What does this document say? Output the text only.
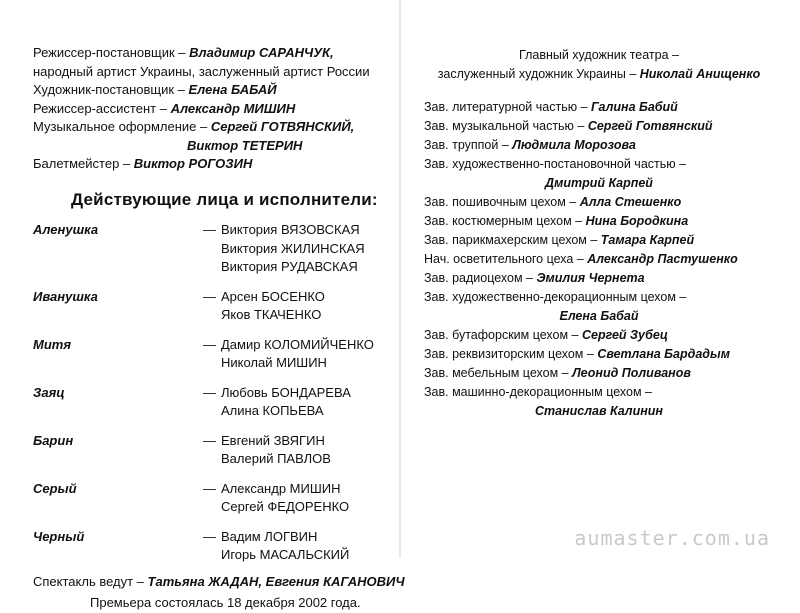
Режиссер-постановщик – Владимир САРАНЧУК,
народный артист Украины, заслуженный артист России
Художник-постановщик – Елена БАБАЙ
Режиссер-ассистент – Александр МИШИН
Музыкальное оформление – Сергей ГОТВЯНСКИЙ,
Виктор ТЕТЕРИН
Балетмейстер – Виктор РОГОЗИН
Действующие лица и исполнители:
Аленушка	— Виктория ВЯЗОВСКАЯ
Виктория ЖИЛИНСКАЯ
Виктория РУДАВСКАЯ
Иванушка	— Арсен БОСЕНКО
Яков ТКАЧЕНКО
Митя	— Дамир КОЛОМИЙЧЕНКО
Николай МИШИН
Заяц	— Любовь БОНДАРЕВА
Алина КОПЬЕВА
Барин	— Евгений ЗВЯГИН
Валерий ПАВЛОВ
Серый	— Александр МИШИН
Сергей ФЕДОРЕНКО
Черный	— Вадим ЛОГВИН
Игорь МАСАЛЬСКИЙ
Спектакль ведут – Татьяна ЖАДАН, Евгения КАГАНОВИЧ
Премьера состоялась 18 декабря 2002 года.
Главный художник театра –
заслуженный художник Украины – Николай Анищенко
Зав. литературной частью – Галина Бабий
Зав. музыкальной частью – Сергей Готвянский
Зав. труппой – Людмила Морозова
Зав. художественно-постановочной частью –
Дмитрий Карпей
Зав. пошивочным цехом – Алла Стешенко
Зав. костюмерным цехом – Нина Бородкина
Зав. парикмахерским цехом – Тамара Карпей
Нач. осветительного цеха – Александр Пастушенко
Зав. радиоцехом – Эмилия Чернета
Зав. художественно-декорационным цехом –
Елена Бабай
Зав. бутафорским цехом – Сергей Зубец
Зав. реквизиторским цехом – Светлана Бардадым
Зав. мебельным цехом – Леонид Поливанов
Зав. машинно-декорационным цехом –
Станислав Калинин
aumaster.com.ua
